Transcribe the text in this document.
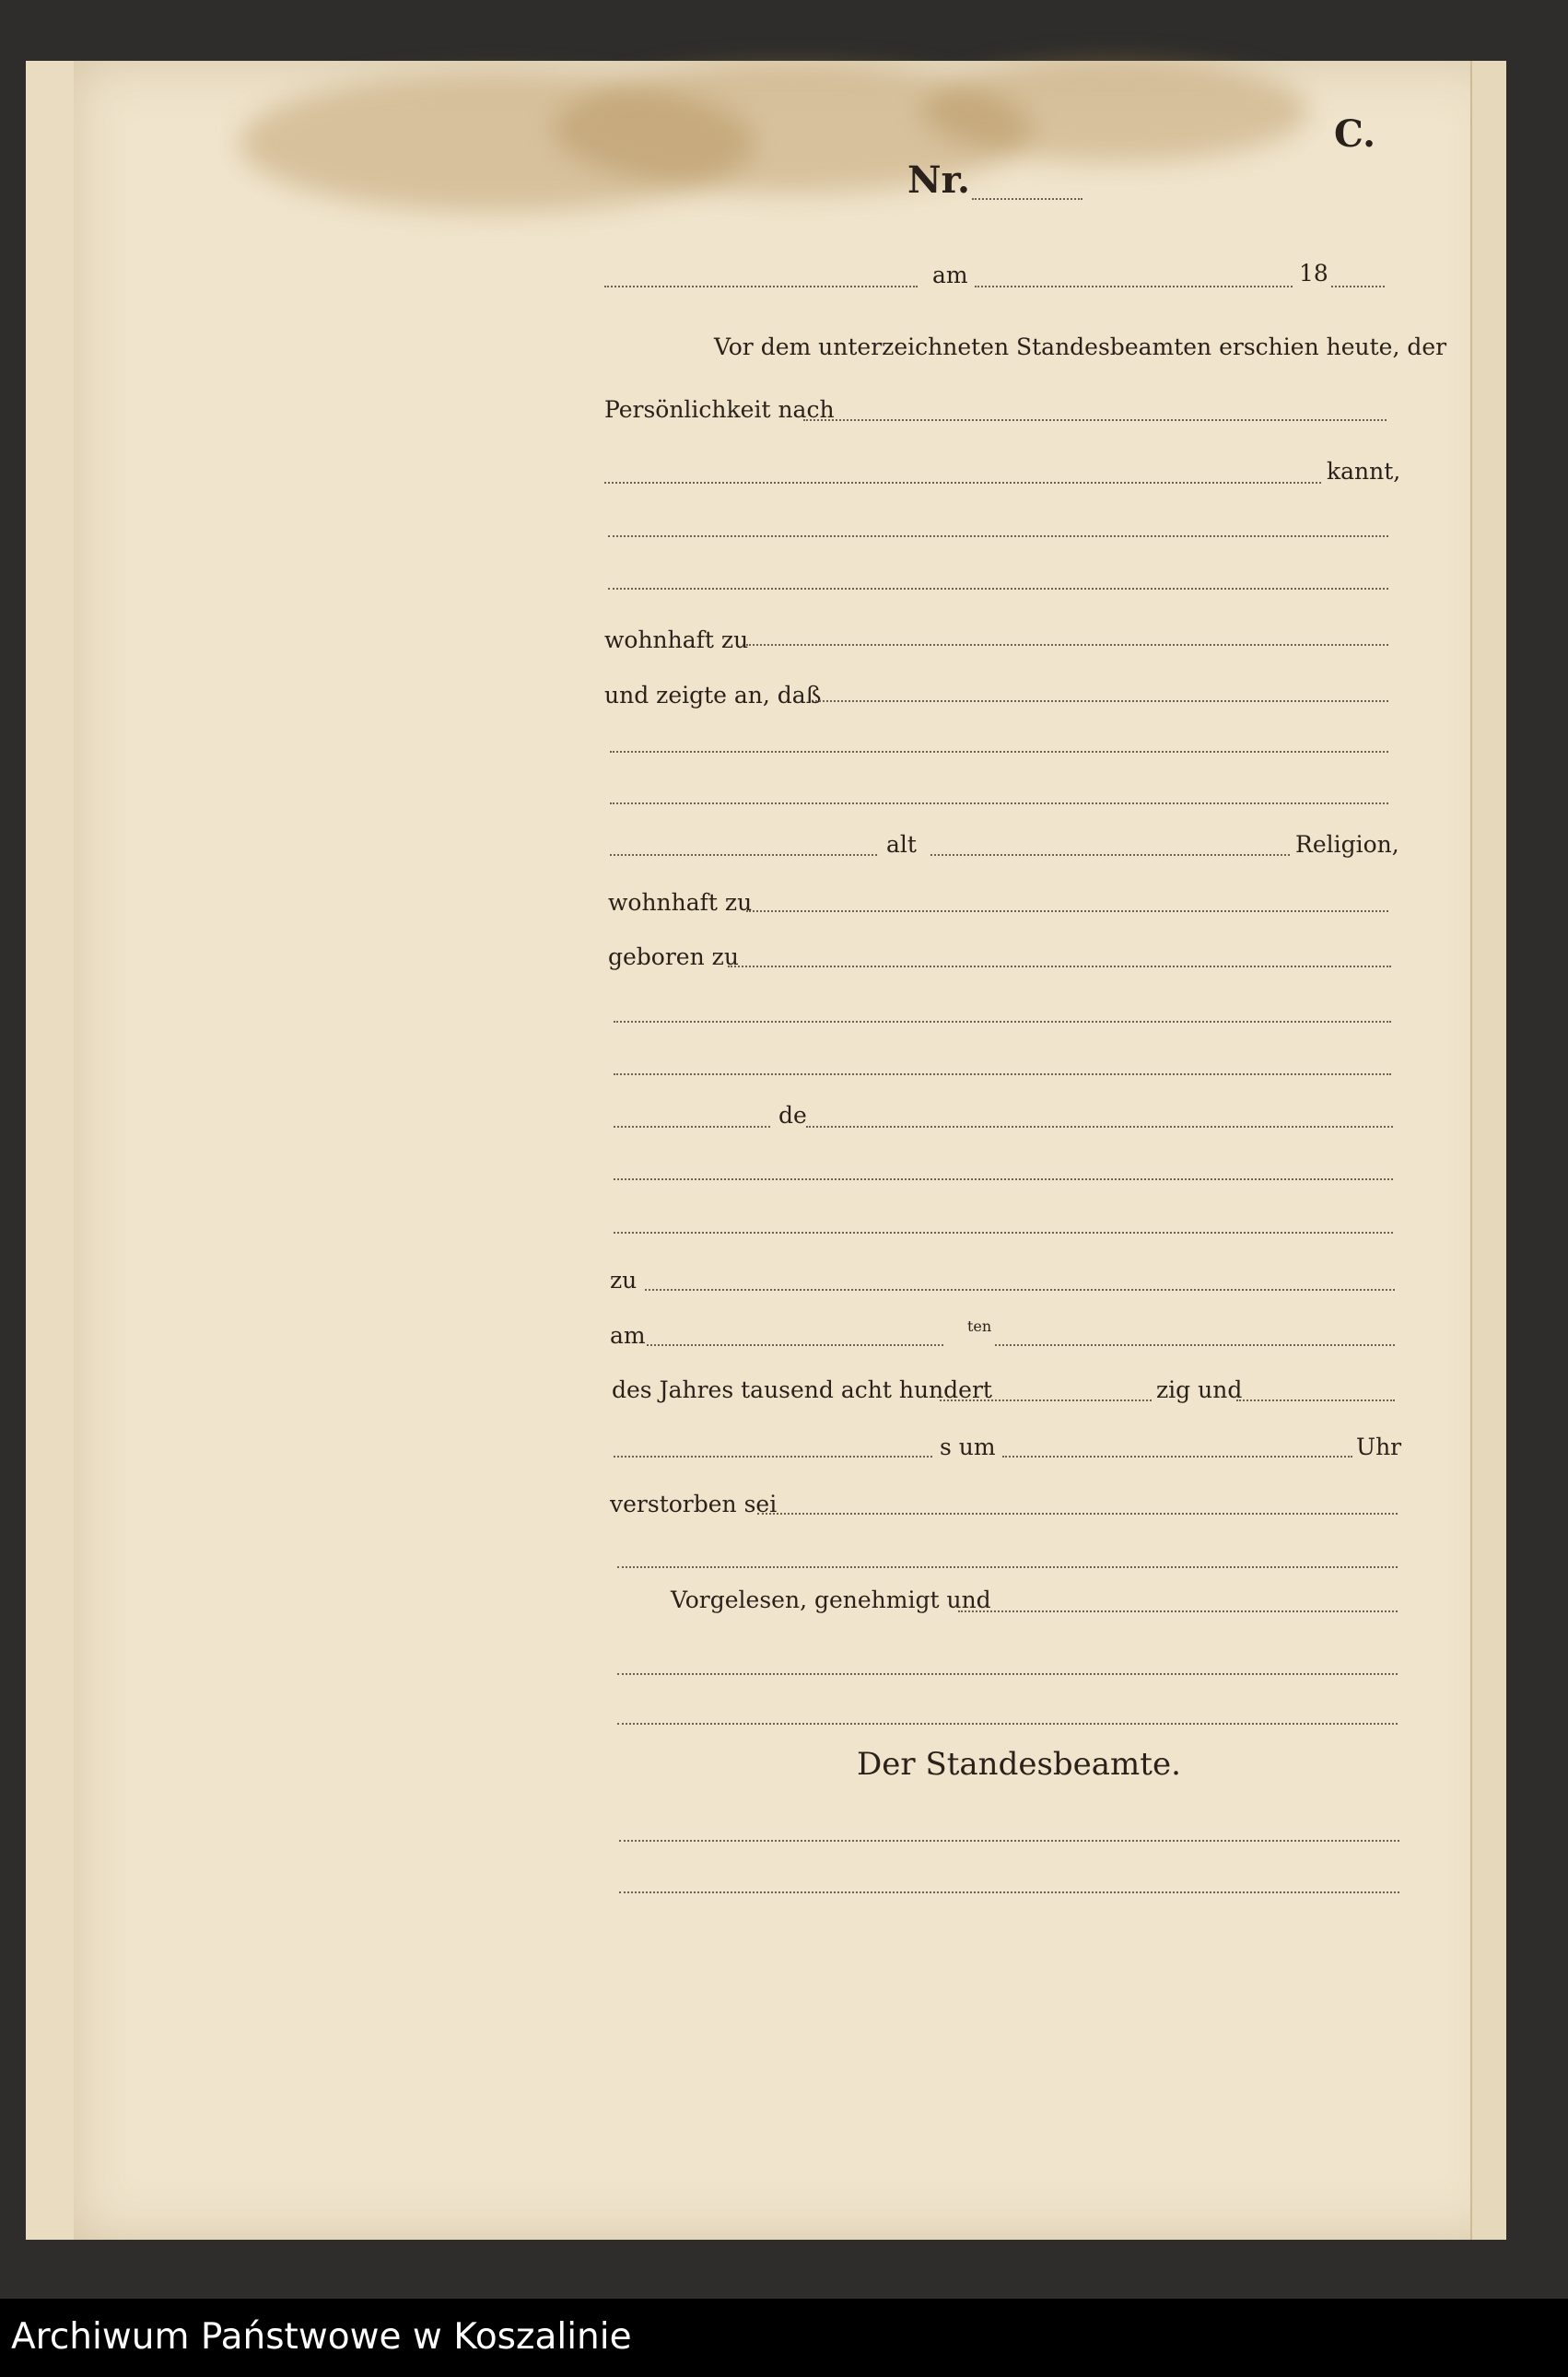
C.
Nr.
am	18
Vor dem unterzeichneten Standesbeamten erschien heute, der
Persönlichkeit nach
kannt,
wohnhaft zu
und zeigte an, daß
alt	Religion,
wohnhaft zu
geboren zu
de
zu
am	ten
des Jahres tausend acht hundert	zig und
s um	Uhr
verstorben sei
Vorgelesen, genehmigt und
Der Standesbeamte.
Archiwum Państwowe w Koszalinie
